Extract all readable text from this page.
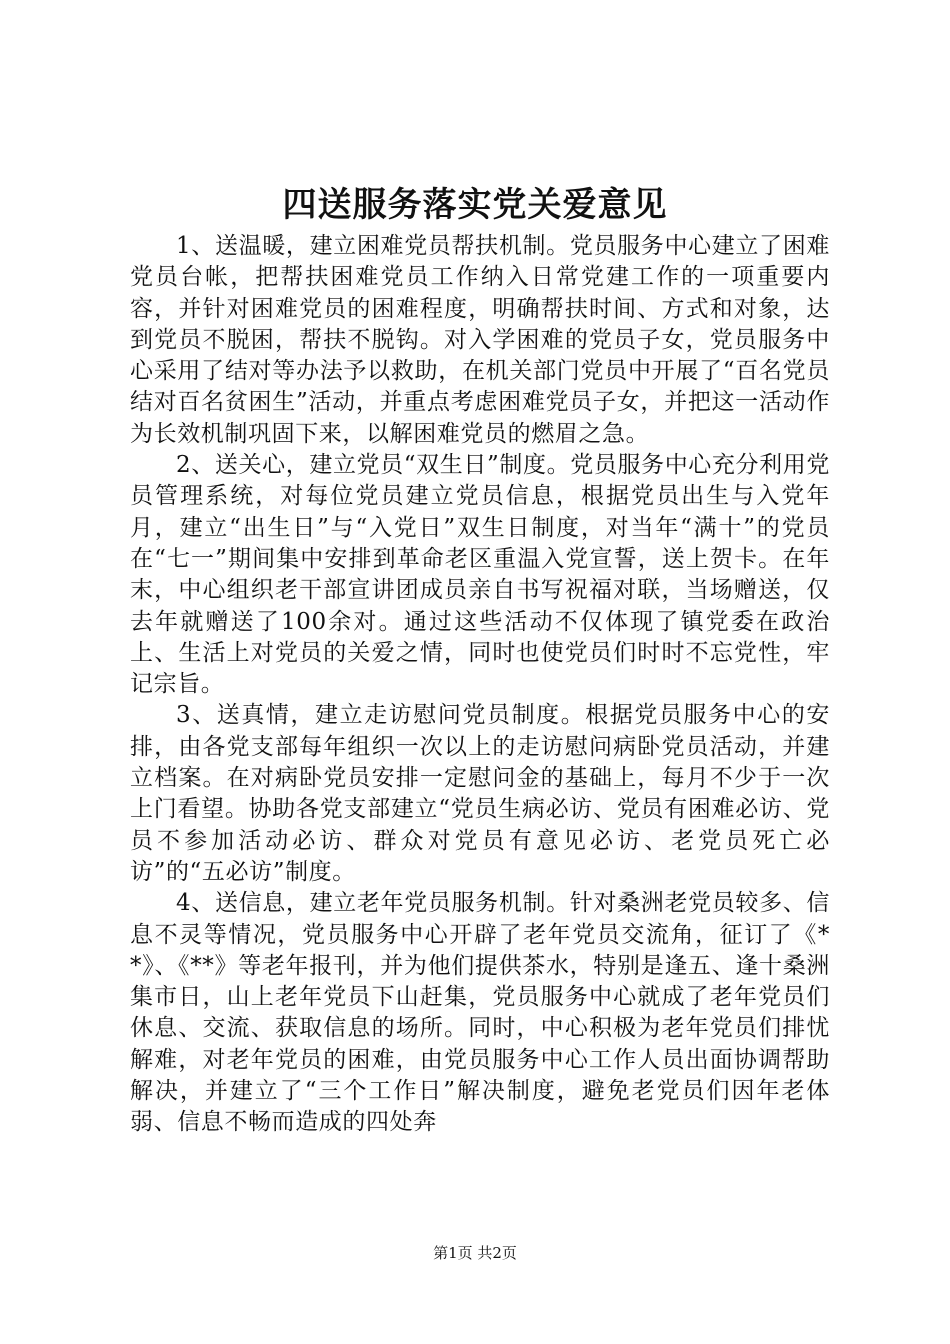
四送服务落实党关爱意见

1、送温暖，建立困难党员帮扶机制。党员服务中心建立了困难党员台帐，把帮扶困难党员工作纳入日常党建工作的一项重要内容，并针对困难党员的困难程度，明确帮扶时间、方式和对象，达到党员不脱困，帮扶不脱钩。对入学困难的党员子女，党员服务中心采用了结对等办法予以救助，在机关部门党员中开展了“百名党员结对百名贫困生”活动，并重点考虑困难党员子女，并把这一活动作为长效机制巩固下来，以解困难党员的燃眉之急。

2、送关心，建立党员“双生日”制度。党员服务中心充分利用党员管理系统，对每位党员建立党员信息，根据党员出生与入党年月，建立“出生日”与“入党日”双生日制度，对当年“满十”的党员在“七一”期间集中安排到革命老区重温入党宣誓，送上贺卡。在年末，中心组织老干部宣讲团成员亲自书写祝福对联，当场赠送，仅去年就赠送了100余对。通过这些活动不仅体现了镇党委在政治上、生活上对党员的关爱之情，同时也使党员们时时不忘党性，牢记宗旨。

3、送真情，建立走访慰问党员制度。根据党员服务中心的安排，由各党支部每年组织一次以上的走访慰问病卧党员活动，并建立档案。在对病卧党员安排一定慰问金的基础上，每月不少于一次上门看望。协助各党支部建立“党员生病必访、党员有困难必访、党员不参加活动必访、群众对党员有意见必访、老党员死亡必访”的“五必访”制度。

4、送信息，建立老年党员服务机制。针对桑洲老党员较多、信息不灵等情况，党员服务中心开辟了老年党员交流角，征订了《**》、《**》等老年报刊，并为他们提供茶水，特别是逢五、逢十桑洲集市日，山上老年党员下山赶集，党员服务中心就成了老年党员们休息、交流、获取信息的场所。同时，中心积极为老年党员们排忧解难，对老年党员的困难，由党员服务中心工作人员出面协调帮助解决，并建立了“三个工作日”解决制度，避免老党员们因年老体弱、信息不畅而造成的四处奔

第1页 共2页
